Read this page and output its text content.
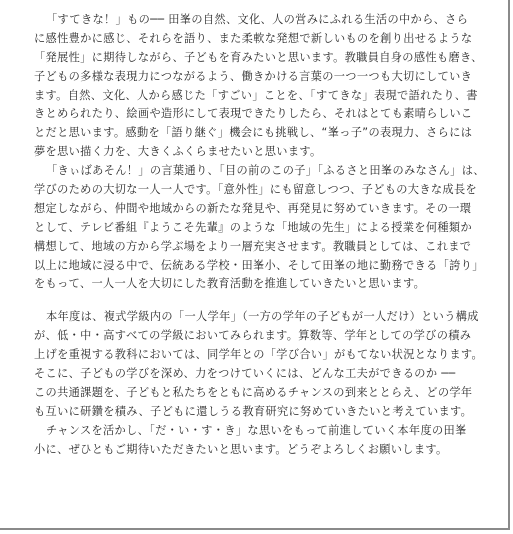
「すてきな！」もの── 田峯の自然、文化、人の営みにふれる生活の中から、さら
に感性豊かに感じ、それらを語り、また柔軟な発想で新しいものを創り出せるような
「発展性」に期待しながら、子どもを育みたいと思います。教職員自身の感性も磨き、
子どもの多様な表現力につながるよう、働きかける言葉の一つ一つも大切にしていき
ます。自然、文化、人から感じた「すごい」ことを、「すてきな」表現で語れたり、書
きとめられたり、絵画や造形にして表現できたりしたら、それはとても素晴らしいこ
とだと思います。感動を「語り継ぐ」機会にも挑戦し、“峯っ子”の表現力、さらには
夢を思い描く力を、大きくふくらませたいと思います。
「きぃばあそん！」の言葉通り、「目の前のこの子」「ふるさと田峯のみなさん」は、
学びのための大切な一人一人です。「意外性」にも留意しつつ、子どもの大きな成長を
想定しながら、仲間や地域からの新たな発見や、再発見に努めていきます。その一環
として、テレビ番組『ようこそ先輩』のような「地域の先生」による授業を何種類か
構想して、地域の方から学ぶ場をより一層充実させます。教職員としては、これまで
以上に地域に浸る中で、伝統ある学校・田峯小、そして田峯の地に勤務できる「誇り」
をもって、一人一人を大切にした教育活動を推進していきたいと思います。
本年度は、複式学級内の「一人学年」（一方の学年の子どもが一人だけ）という構成
が、低・中・高すべての学級においてみられます。算数等、学年としての学びの積み
上げを重視する教科においては、同学年との「学び合い」がもてない状況となります。
そこに、子どもの学びを深め、力をつけていくには、どんな工夫ができるのか ──
この共通課題を、子どもと私たちをともに高めるチャンスの到来ととらえ、どの学年
も互いに研鑽を積み、子どもに還しうる教育研究に努めていきたいと考えています。
チャンスを活かし、「だ・い・す・き」な思いをもって前進していく本年度の田峯
小に、ぜひともご期待いただきたいと思います。どうぞよろしくお願いします。
